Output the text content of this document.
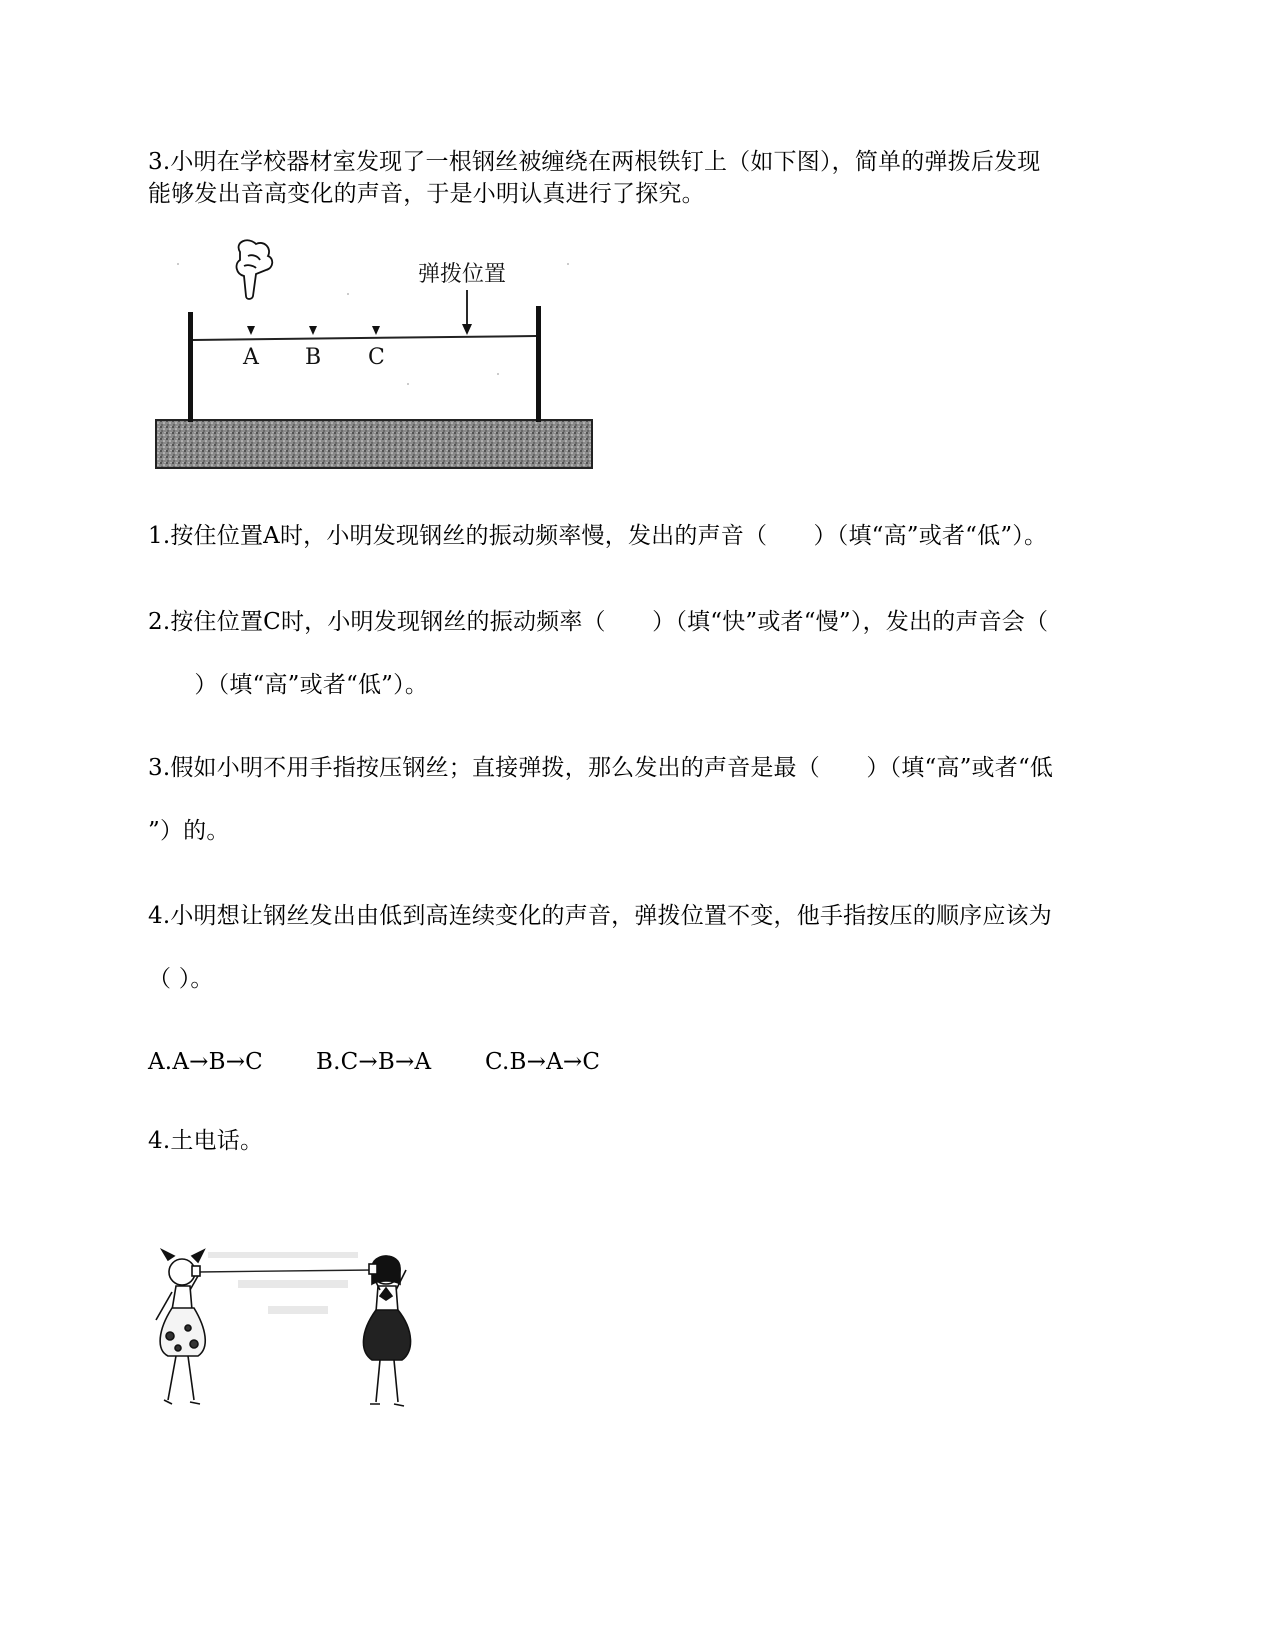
3.小明在学校器材室发现了一根钢丝被缠绕在两根铁钉上（如下图），简单的弹拨后发现
能够发出音高变化的声音，于是小明认真进行了探究。
A B C
弹拨位置
1.按住位置A时，小明发现钢丝的振动频率慢，发出的声音（　　）（填“高”或者“低”）。
2.按住位置C时，小明发现钢丝的振动频率（　　）（填“快”或者“慢”），发出的声音会（
　　）（填“高”或者“低”）。
3.假如小明不用手指按压钢丝；直接弹拨，那么发出的声音是最（　　）（填“高”或者“低
”）的。
4.小明想让钢丝发出由低到高连续变化的声音，弹拨位置不变，他手指按压的顺序应该为
（ ）。
A.A→B→C B.C→B→A C.B→A→C
4.土电话。
